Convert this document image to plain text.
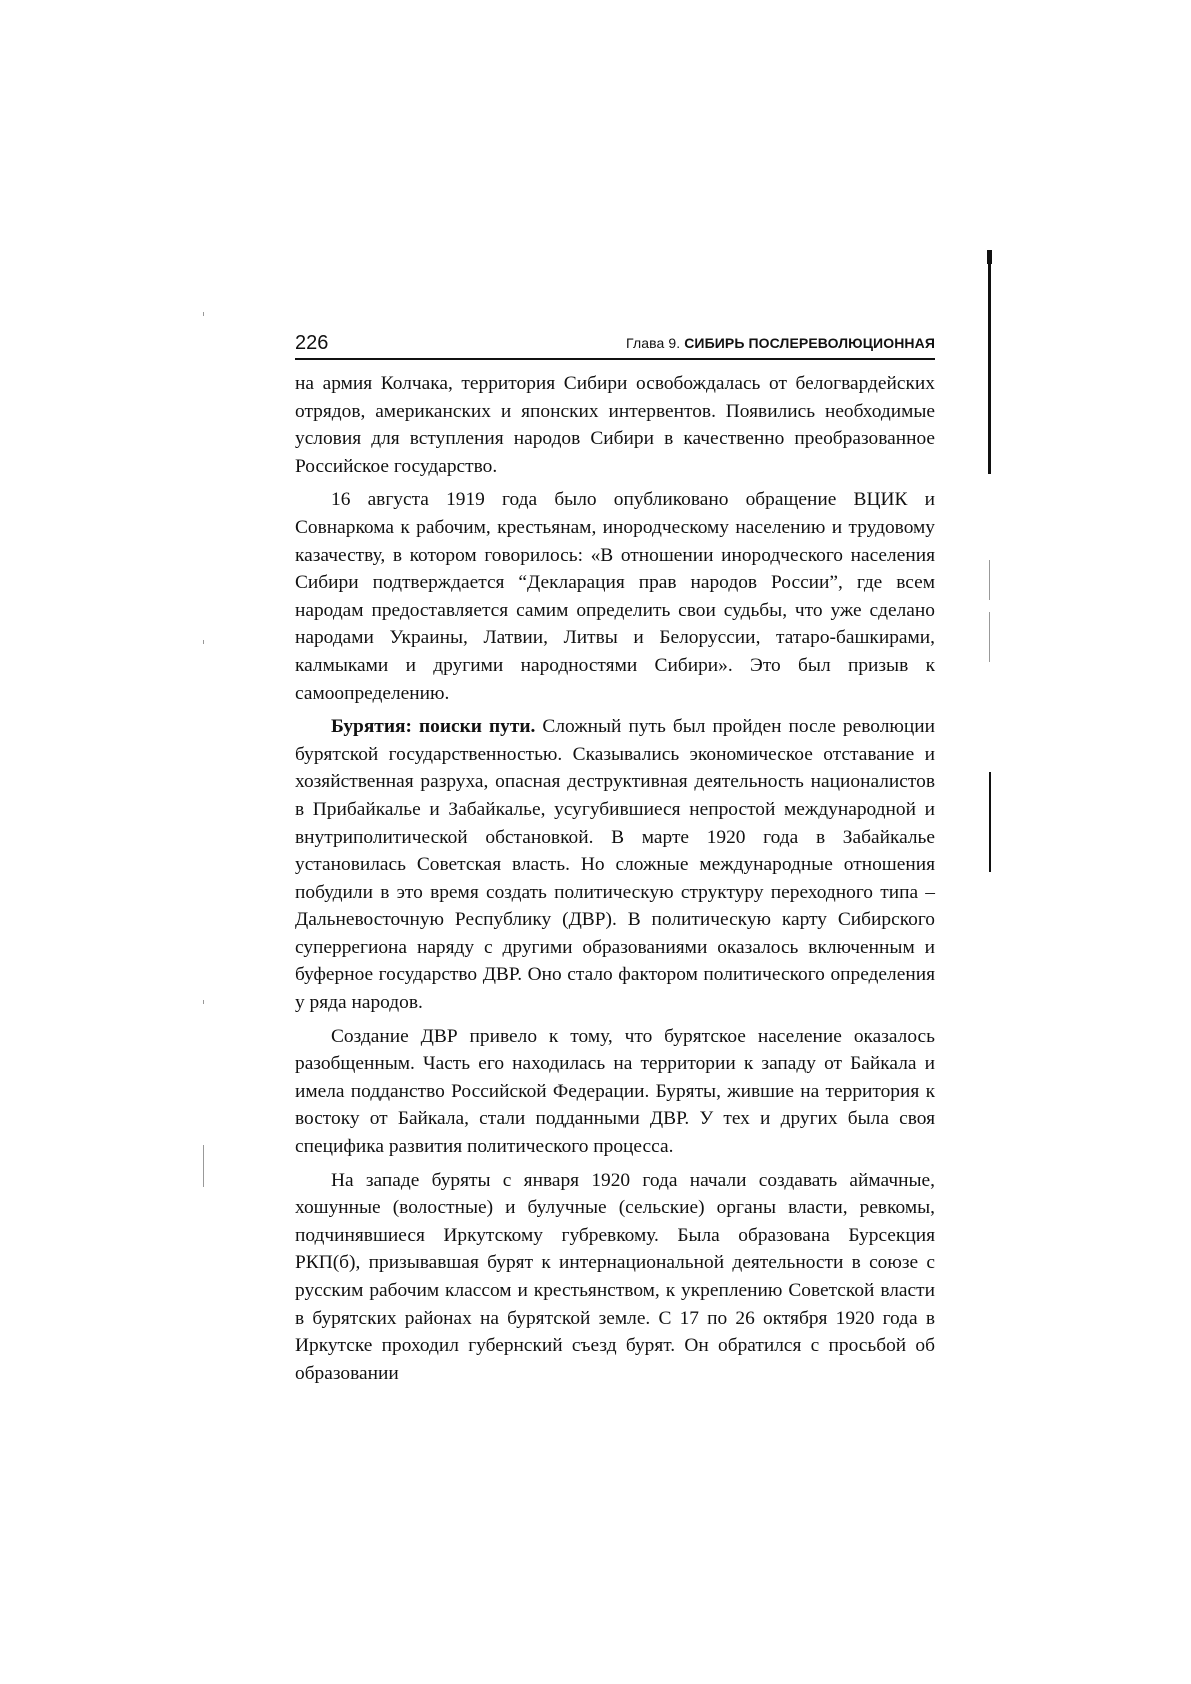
226	Глава 9. СИБИРЬ ПОСЛЕРЕВОЛЮЦИОННАЯ

на армия Колчака, территория Сибири освобождалась от белогвардейских отрядов, американских и японских интервентов. Появились необходимые условия для вступления народов Сибири в качественно преобразованное Российское государство.

16 августа 1919 года было опубликовано обращение ВЦИК и Совнаркома к рабочим, крестьянам, инородческому населению и трудовому казачеству, в котором говорилось: «В отношении инородческого населения Сибири подтверждается “Декларация прав народов России”, где всем народам предоставляется самим определить свои судьбы, что уже сделано народами Украины, Латвии, Литвы и Белоруссии, татаро-башкирами, калмыками и другими народностями Сибири». Это был призыв к самоопределению.

Бурятия: поиски пути. Сложный путь был пройден после революции бурятской государственностью. Сказывались экономическое отставание и хозяйственная разруха, опасная деструктивная деятельность националистов в Прибайкалье и Забайкалье, усугубившиеся непростой международной и внутриполитической обстановкой. В марте 1920 года в Забайкалье установилась Советская власть. Но сложные международные отношения побудили в это время создать политическую структуру переходного типа – Дальневосточную Республику (ДВР). В политическую карту Сибирского суперрегиона наряду с другими образованиями оказалось включенным и буферное государство ДВР. Оно стало фактором политического определения у ряда народов.

Создание ДВР привело к тому, что бурятское население оказалось разобщенным. Часть его находилась на территории к западу от Байкала и имела подданство Российской Федерации. Буряты, жившие на территория к востоку от Байкала, стали подданными ДВР. У тех и других была своя специфика развития политического процесса.

На западе буряты с января 1920 года начали создавать аймачные, хошунные (волостные) и булучные (сельские) органы власти, ревкомы, подчинявшиеся Иркутскому губревкому. Была образована Бурсекция РКП(б), призывавшая бурят к интернациональной деятельности в союзе с русским рабочим классом и крестьянством, к укреплению Советской власти в бурятских районах на бурятской земле. С 17 по 26 октября 1920 года в Иркутске проходил губернский съезд бурят. Он обратился с просьбой об образовании
